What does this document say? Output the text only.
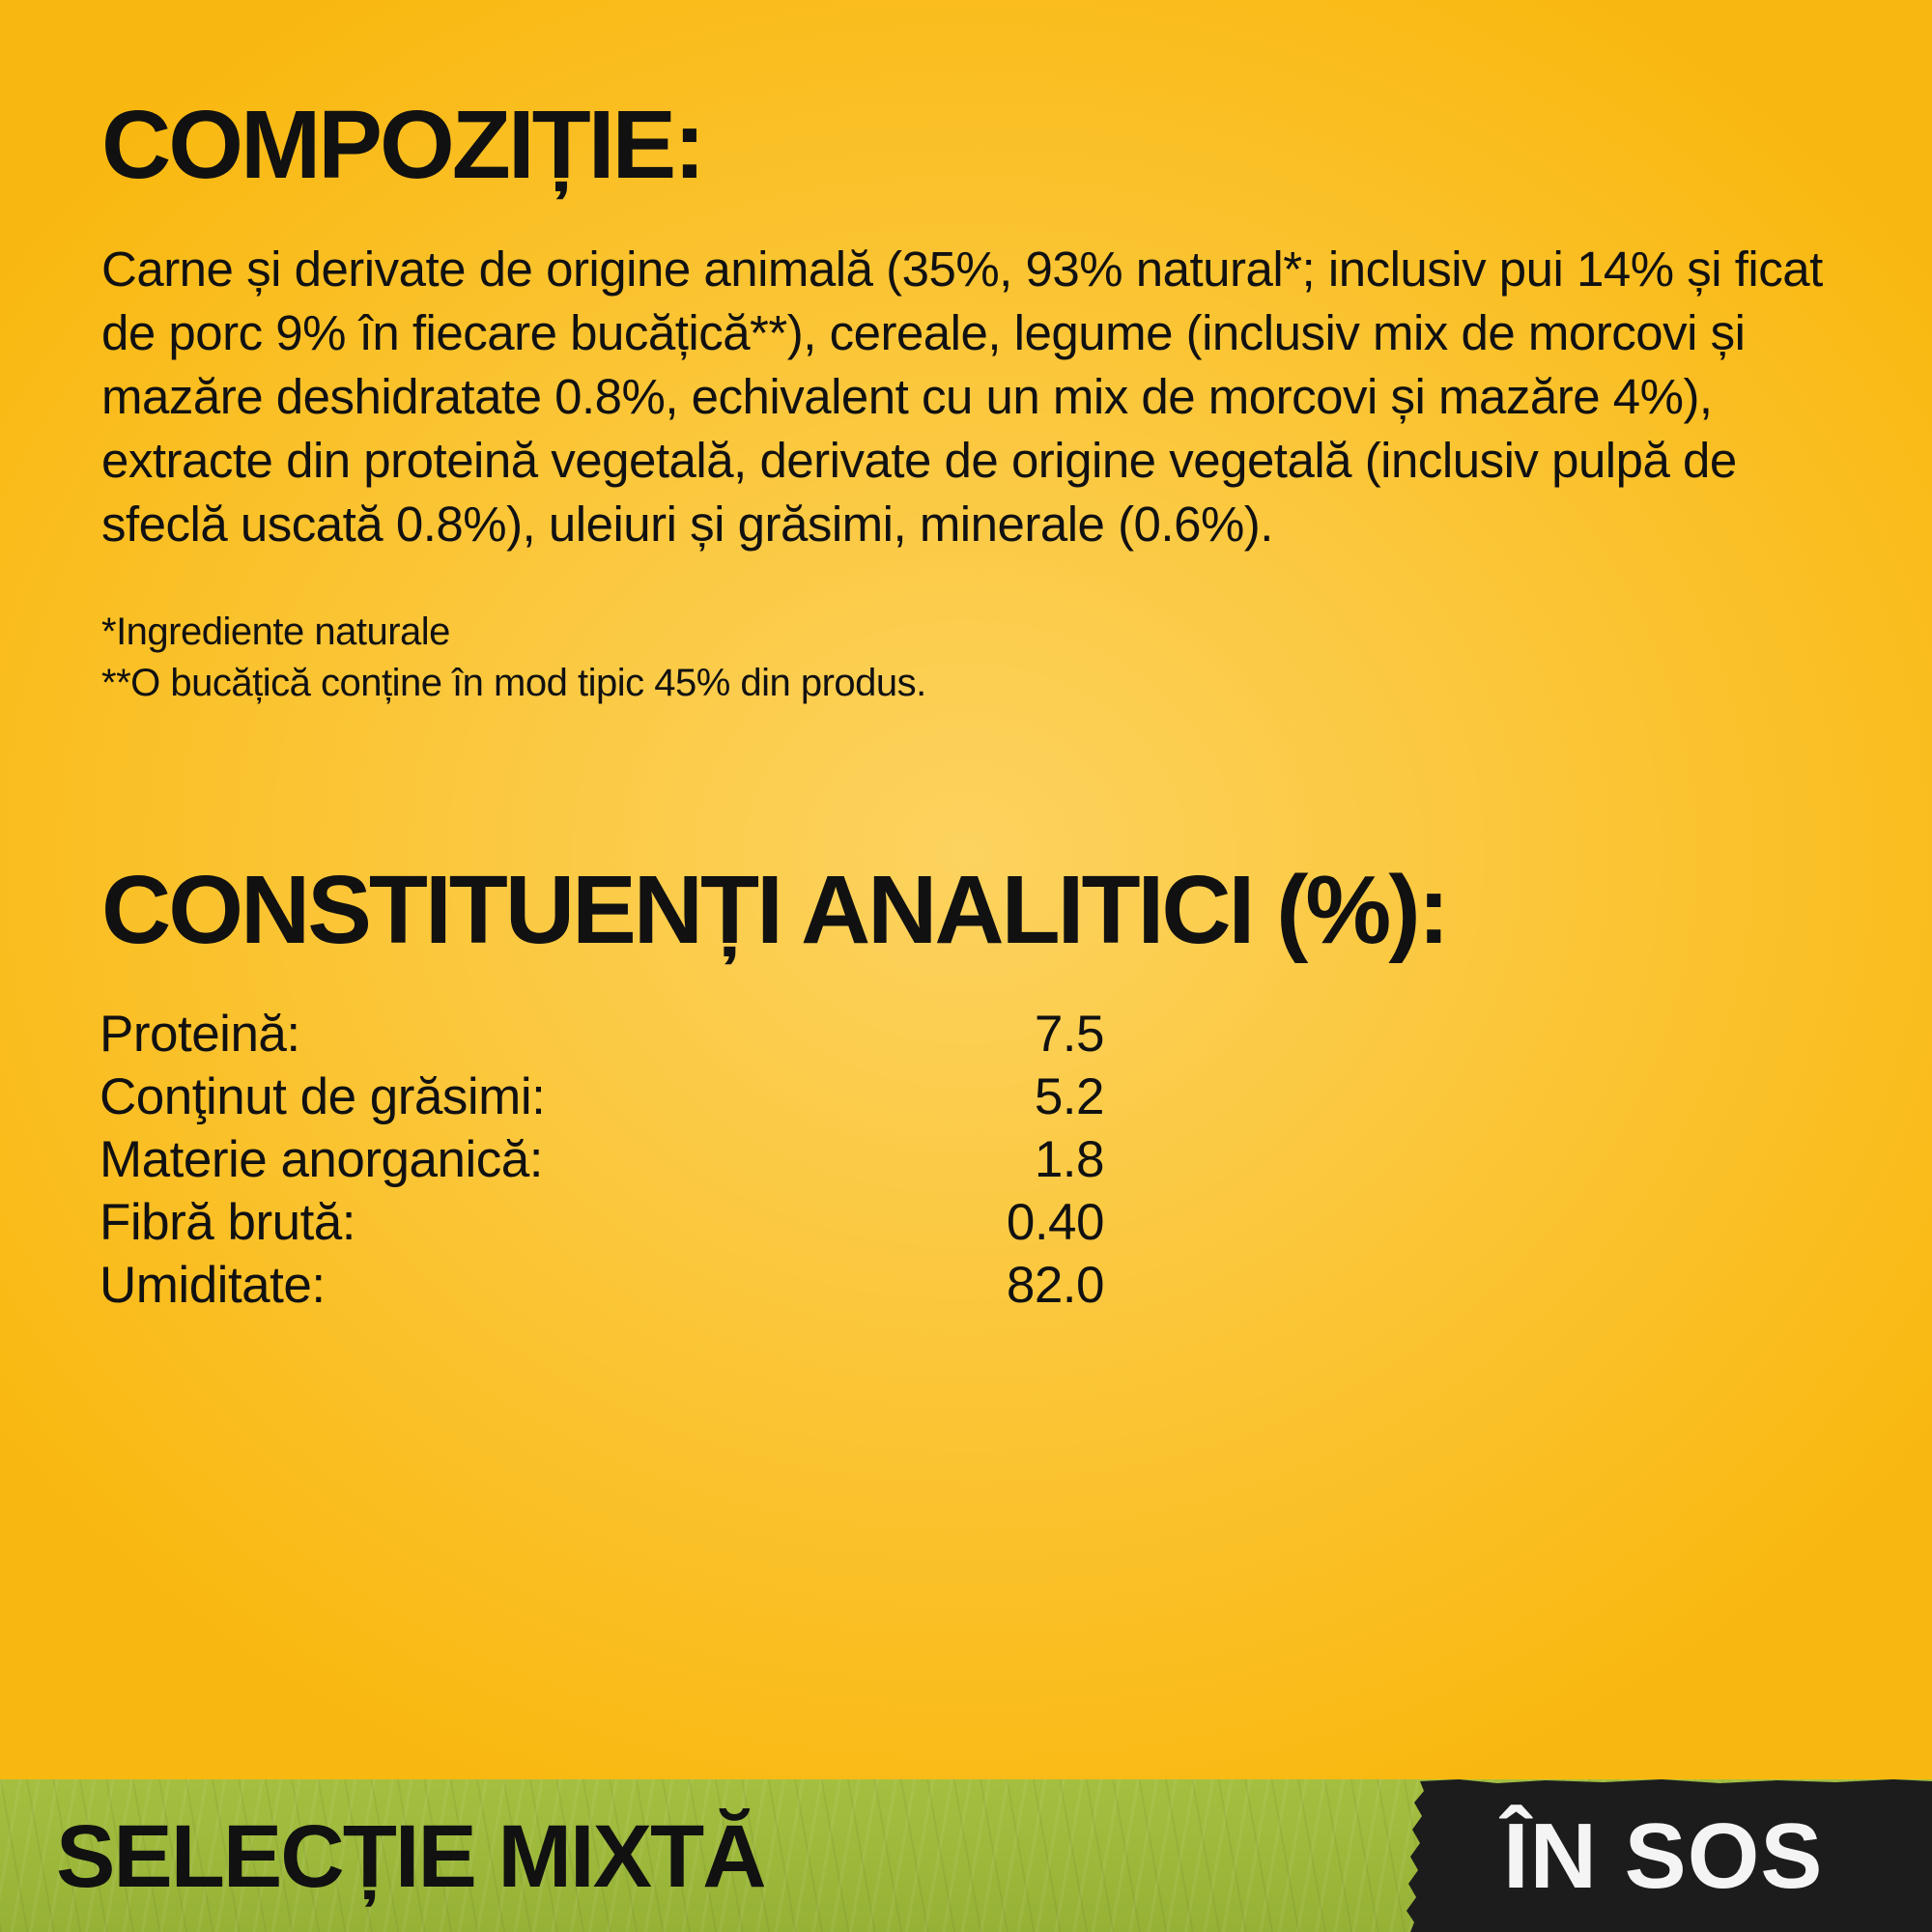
COMPOZIȚIE:

Carne și derivate de origine animală (35%, 93% natural*; inclusiv pui 14% și ficat de porc 9% în fiecare bucățică**), cereale, legume (inclusiv mix de morcovi și mazăre deshidratate 0.8%, echivalent cu un mix de morcovi și mazăre 4%), extracte din proteină vegetală, derivate de origine vegetală (inclusiv pulpă de sfeclă uscată 0.8%), uleiuri și grăsimi, minerale (0.6%).

*Ingrediente naturale
**O bucățică conține în mod tipic 45% din produs.
CONSTITUENȚI ANALITICI (%):
Proteină:	7.5
Conţinut de grăsimi:	5.2
Materie anorganică:	1.8
Fibră brută:	0.40
Umiditate:	82.0
SELECȚIE MIXTĂ	ÎN SOS
